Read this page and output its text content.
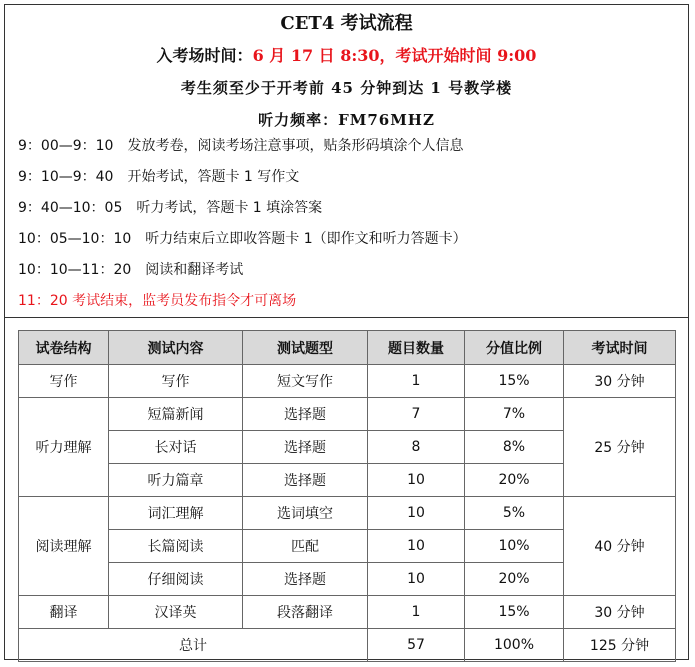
CET4 考试流程
入考场时间：6 月 17 日 8:30，考试开始时间 9:00
考生须至少于开考前 45 分钟到达 1 号教学楼
听力频率：FM76MHZ
9：00—9：10 发放考卷，阅读考场注意事项，贴条形码填涂个人信息
9：10—9：40 开始考试，答题卡 1 写作文
9：40—10：05 听力考试，答题卡 1 填涂答案
10：05—10：10 听力结束后立即收答题卡 1（即作文和听力答题卡）
10：10—11：20 阅读和翻译考试
11：20 考试结束，监考员发布指令才可离场
试卷结构	测试内容	测试题型	题目数量	分值比例	考试时间
写作	写作	短文写作	1	15%	30 分钟
听力理解	短篇新闻	选择题	7	7%	25 分钟
	长对话	选择题	8	8%	
	听力篇章	选择题	10	20%	
阅读理解	词汇理解	选词填空	10	5%	40 分钟
	长篇阅读	匹配	10	10%	
	仔细阅读	选择题	10	20%	
翻译	汉译英	段落翻译	1	15%	30 分钟
总计			57	100%	125 分钟
